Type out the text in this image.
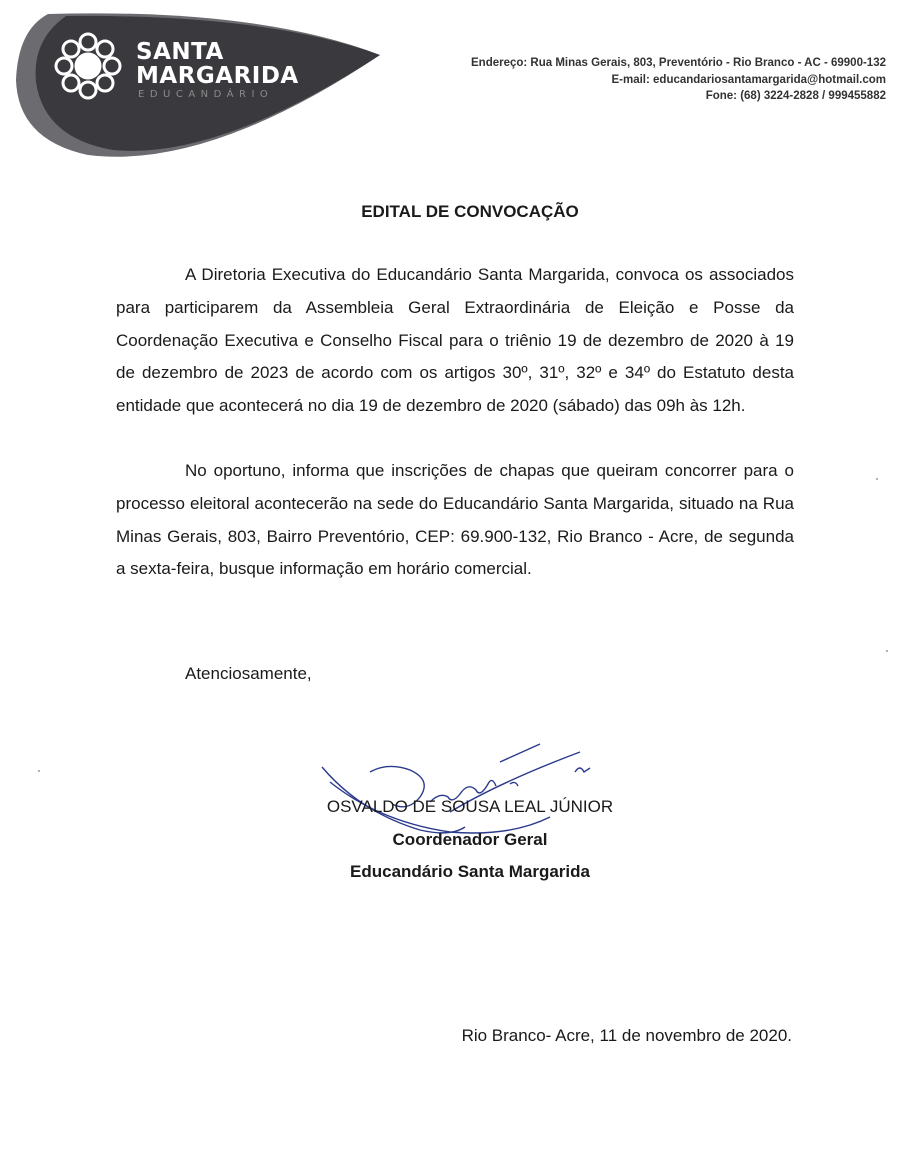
SANTA
MARGARIDA
EDUCANDÁRIO
Endereço: Rua Minas Gerais, 803, Preventório - Rio Branco - AC - 69900-132
E-mail: educandariosantamargarida@hotmail.com
Fone: (68) 3224-2828 / 999455882
EDITAL DE CONVOCAÇÃO
A Diretoria Executiva do Educandário Santa Margarida, convoca os associados para participarem da Assembleia Geral Extraordinária de Eleição e Posse da Coordenação Executiva e Conselho Fiscal para o triênio 19 de dezembro de 2020 à 19 de dezembro de 2023 de acordo com os artigos 30º, 31º, 32º e 34º do Estatuto desta entidade que acontecerá no dia 19 de dezembro de 2020 (sábado) das 09h às 12h.
No oportuno, informa que inscrições de chapas que queiram concorrer para o processo eleitoral acontecerão na sede do Educandário Santa Margarida, situado na Rua Minas Gerais, 803, Bairro Preventório, CEP: 69.900-132, Rio Branco - Acre, de segunda a sexta-feira, busque informação em horário comercial.
Atenciosamente,
OSVALDO DE SOUSA LEAL JÚNIOR
Coordenador Geral
Educandário Santa Margarida
Rio Branco- Acre, 11 de novembro de 2020.
